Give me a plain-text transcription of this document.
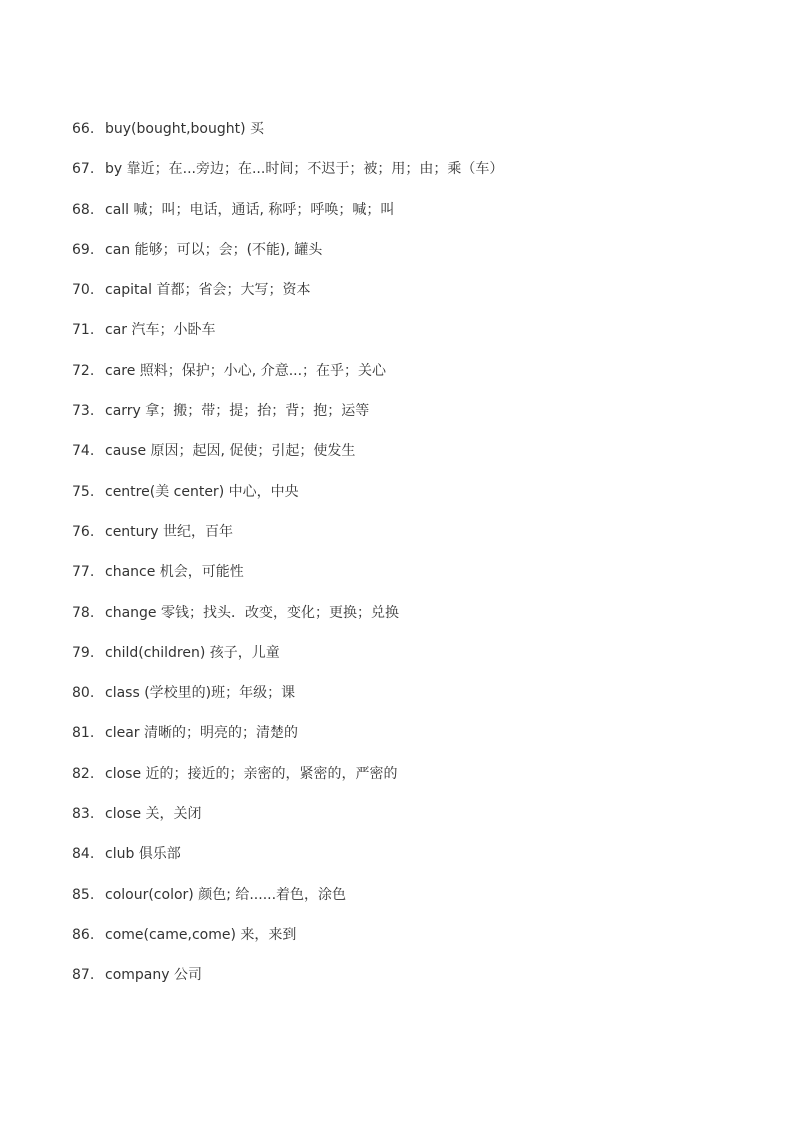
66. buy(bought,bought) 买
67. by 靠近；在...旁边；在...时间；不迟于；被；用；由；乘（车）
68. call 喊；叫；电话，通话, 称呼；呼唤；喊；叫
69. can 能够；可以；会；(不能), 罐头
70. capital 首都；省会；大写；资本
71. car 汽车；小卧车
72. care 照料；保护；小心, 介意...；在乎；关心
73. carry 拿；搬；带；提；抬；背；抱；运等
74. cause 原因；起因, 促使；引起；使发生
75. centre(美 center) 中心，中央
76. century 世纪，百年
77. chance 机会，可能性
78. change 零钱；找头．改变，变化；更换；兑换
79. child(children) 孩子，儿童
80. class (学校里的)班；年级；课
81. clear 清晰的；明亮的；清楚的
82. close 近的；接近的；亲密的，紧密的，严密的
83. close 关，关闭
84. club 俱乐部
85. colour(color) 颜色; 给......着色，涂色
86. come(came,come) 来，来到
87. company 公司
